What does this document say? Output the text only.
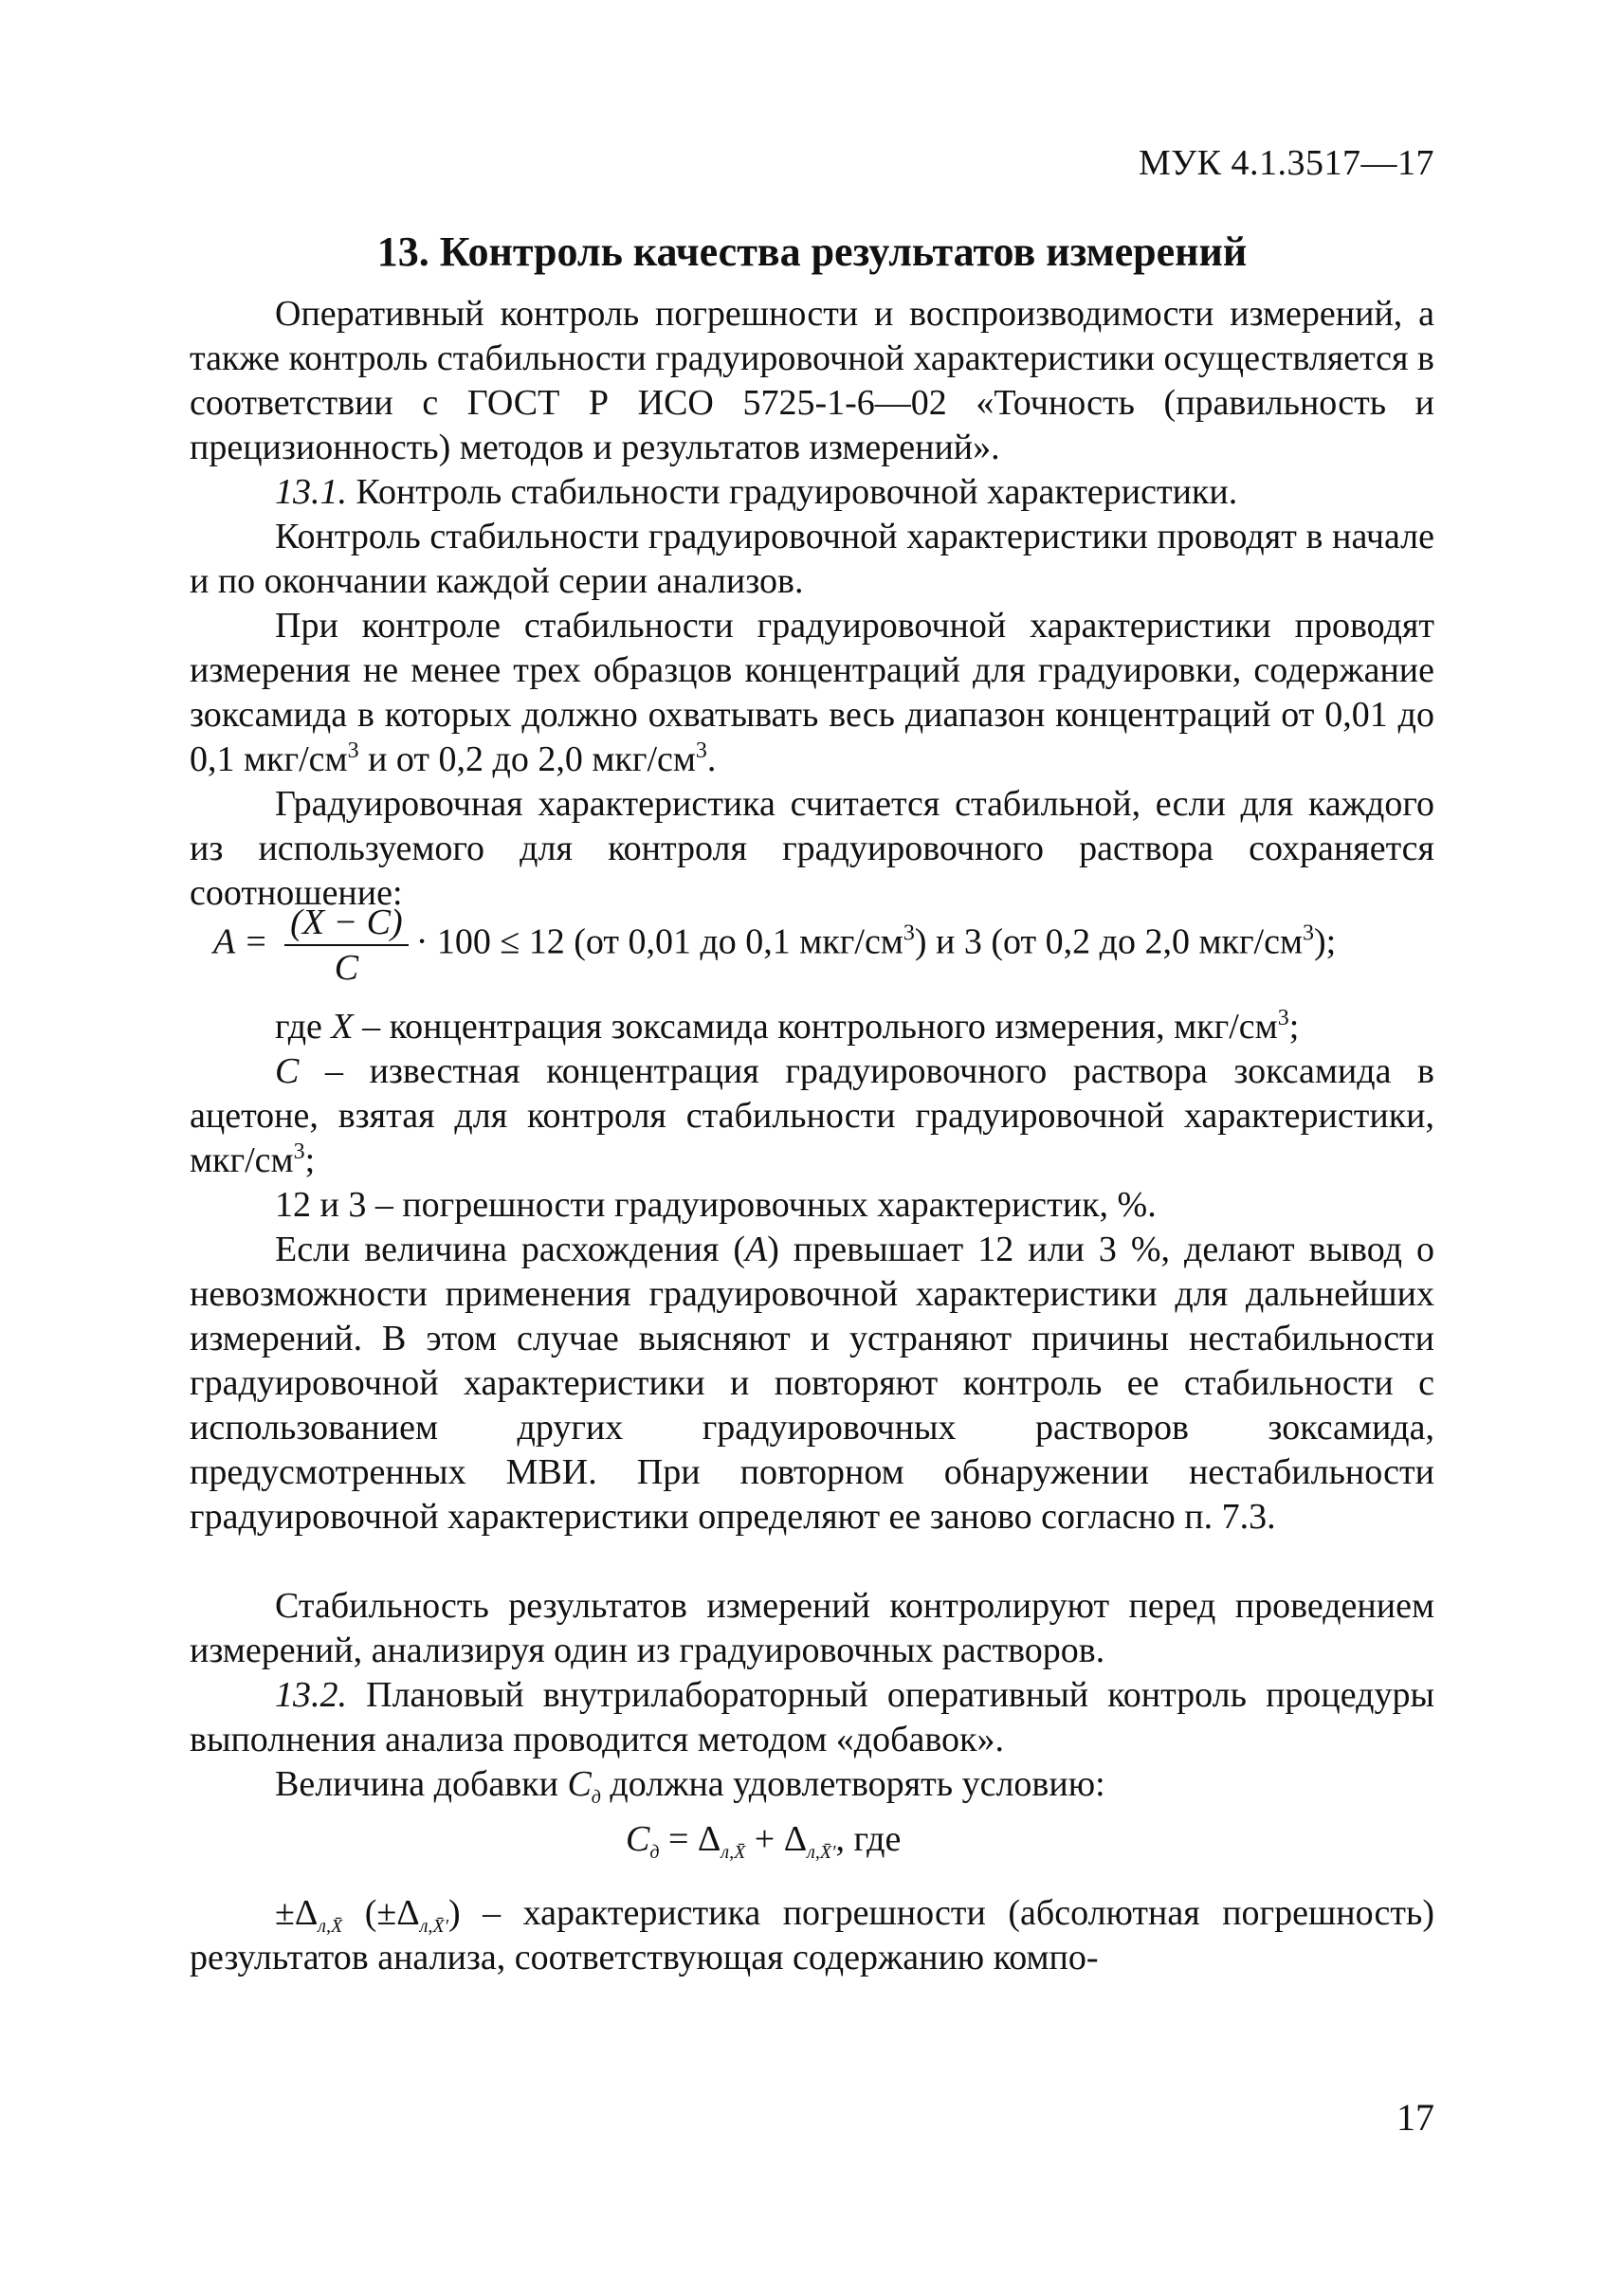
МУК 4.1.3517—17
13. Контроль качества результатов измерений

Оперативный контроль погрешности и воспроизводимости измерений, а также контроль стабильности градуировочной характеристики осуществляется в соответствии с ГОСТ Р ИСО 5725-1-6—02 «Точность (правильность и прецизионность) методов и результатов измерений».

13.1. Контроль стабильности градуировочной характеристики.

Контроль стабильности градуировочной характеристики проводят в начале и по окончании каждой серии анализов.

При контроле стабильности градуировочной характеристики проводят измерения не менее трех образцов концентраций для градуировки, содержание зоксамида в которых должно охватывать весь диапазон концентраций от 0,01 до 0,1 мкг/$см^3$ и от 0,2 до 2,0 мкг/$см^3$.

Градуировочная характеристика считается стабильной, если для каждого из используемого для контроля градуировочного раствора сохраняется соотношение:

$A = \frac{(X - C)}{C} \cdot 100 \le 12$ (от 0,01 до 0,1 мкг/$см^3$) и 3 (от 0,2 до 2,0 мкг/$см^3$);

где X – концентрация зоксамида контрольного измерения, мкг/$см^3$;

C – известная концентрация градуировочного раствора зоксамида в ацетоне, взятая для контроля стабильности градуировочной характеристики, мкг/$см^3$;

12 и 3 – погрешности градуировочных характеристик, %.

Если величина расхождения (A) превышает 12 или 3 %, делают вывод о невозможности применения градуировочной характеристики для дальнейших измерений. В этом случае выясняют и устраняют причины нестабильности градуировочной характеристики и повторяют контроль ее стабильности с использованием других градуировочных растворов зоксамида, предусмотренных МВИ. При повторном обнаружении нестабильности градуировочной характеристики определяют ее заново согласно п. 7.3.

Стабильность результатов измерений контролируют перед проведением измерений, анализируя один из градуировочных растворов.

13.2. Плановый внутрилабораторный оперативный контроль процедуры выполнения анализа проводится методом «добавок».

Величина добавки $C_д$ должна удовлетворять условию:

$C_д = \Delta_{л,X̄} + \Delta_{л,X̄'}$, где

$\pm\Delta_{л,X̄}$ $(\pm\Delta_{л,X̄'})$ – характеристика погрешности (абсолютная погрешность) результатов анализа, соответствующая содержанию компо-

17
